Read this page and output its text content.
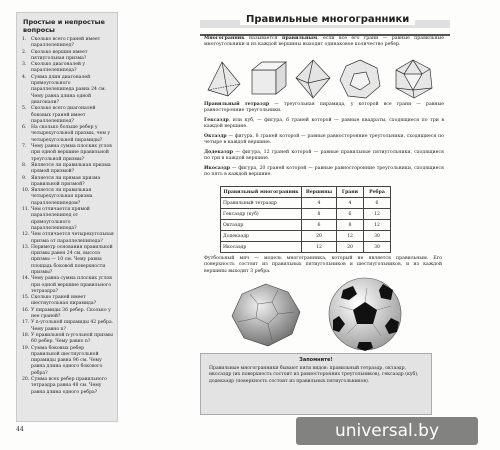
Простые и непростые вопросы
1.	Сколько всего граней имеет параллелепипед?
2.	Сколько вершин имеет пятиугольная призма?
3.	Сколько диагоналей у параллелепипеда?
4.	Сумма длин диагоналей прямоугольного параллелепипеда равна 24 см. Чему равна длина одной диагонали?
5.	Сколько всего диагоналей боковых граней имеет параллелепипед?
6.	На сколько больше ребер у четырехугольной призмы, чем у четырехугольной пирамиды?
7.	Чему равна сумма плоских углов при одной вершине правильной треугольной призмы?
8.	Является ли правильная призма прямой призмой?
9.	Является ли прямая призма правильной призмой?
10. Является ли правильная четырехугольная призма параллелепипедом?
11. Чем отличается прямой параллелепипед от прямоугольного параллелепипеда?
12. Чем отличается четырехугольная призма от параллелепипеда?
13. Периметр основания правильной призмы равен 24 см, высота призмы — 10 см. Чему равна площадь боковой поверхности призмы?
14. Чему равна сумма плоских углов при одной вершине правильного тетраэдра?
15. Сколько граней имеет шестиугольная пирамида?
16. У пирамиды 36 ребер. Сколько у нее граней?
17. У n-угольной пирамиды 42 ребра. Чему равно n?
18. У правильной n-угольной призмы 60 ребер. Чему равно n?
19. Сумма боковых ребер правильной шестиугольной пирамиды равна 96 см. Чему равна длина одного бокового ребра?
20. Сумма всех ребер правильного тетраэдра равна 48 см. Чему равна длина одного ребра?
Правильные многогранники
Многогранник называется правильным, если все его грани — равные правильные многоугольники и из каждой вершины выходит одинаковое количество ребер.
Правильный тетраэдр — треугольная пирамида, у которой все грани — равные равносторонние треугольники.
Гексаэдр, или куб, — фигура, 6 граней которой — равные квадраты, сходящиеся по три в каждой вершине.
Октаэдр — фигура, 8 граней которой — равные равносторонние треугольники, сходящиеся по четыре в каждой вершине.
Додекаэдр — фигура, 12 граней которой — равные правильные пятиугольники, сходящиеся по три в каждой вершине.
Икосаэдр — фигура, 20 граней которой — равные равносторонние треугольники, сходящиеся по пять в каждой вершине.
Правильный многогранник	Вершины	Грани	Ребра
Правильный тетраэдр	4	4	6
Гексаэдр (куб)	8	6	12
Октаэдр	6	8	12
Додекаэдр	20	12	30
Икосаэдр	12	20	30
Футбольный мяч — модель многогранника, который не является правильным. Его поверхность состоит из правильных пятиугольников и шестиугольников, и из каждой вершины выходит 3 ребра.
Запомните!
Правильные многогранники бывают пяти видов: правильный тетраэдр, октаэдр, икосаэдр (их поверхность состоит из равносторонних треугольников), гексаэдр (куб), додекаэдр (поверхность состоит из правильных пятиугольников).
44	universal.by
